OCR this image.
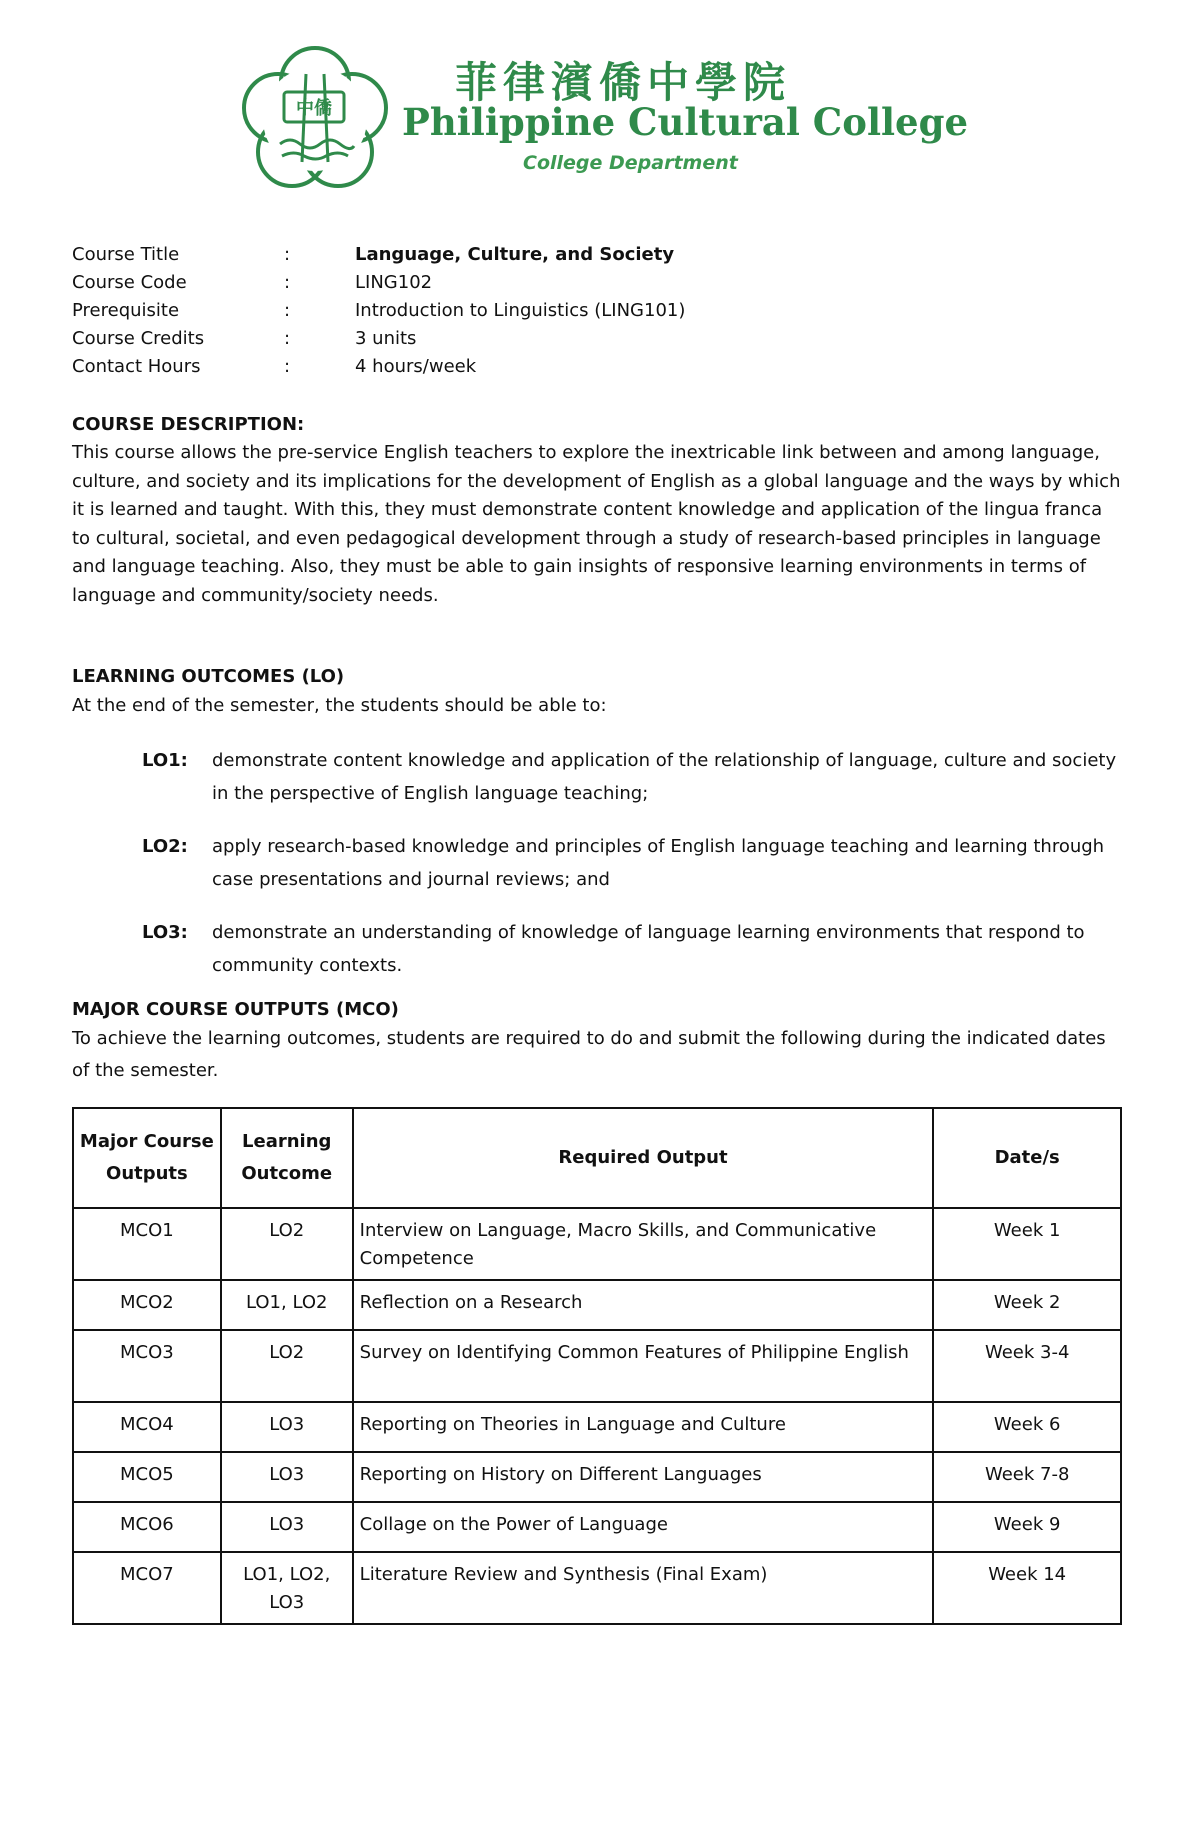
中僑
菲律濱僑中學院
Philippine Cultural College
College Department
Course Title	:	Language, Culture, and Society
Course Code	:	LING102
Prerequisite	:	Introduction to Linguistics (LING101)
Course Credits	:	3 units
Contact Hours	:	4 hours/week
COURSE DESCRIPTION:
This course allows the pre-service English teachers to explore the inextricable link between and among language, culture, and society and its implications for the development of English as a global language and the ways by which it is learned and taught. With this, they must demonstrate content knowledge and application of the lingua franca to cultural, societal, and even pedagogical development through a study of research-based principles in language and language teaching. Also, they must be able to gain insights of responsive learning environments in terms of language and community/society needs.
LEARNING OUTCOMES (LO)
At the end of the semester, the students should be able to:
LO1: demonstrate content knowledge and application of the relationship of language, culture and society in the perspective of English language teaching;
LO2: apply research-based knowledge and principles of English language teaching and learning through case presentations and journal reviews; and
LO3: demonstrate an understanding of knowledge of language learning environments that respond to community contexts.
MAJOR COURSE OUTPUTS (MCO)
To achieve the learning outcomes, students are required to do and submit the following during the indicated dates of the semester.
Major Course Outputs	Learning Outcome	Required Output	Date/s
MCO1	LO2	Interview on Language, Macro Skills, and Communicative Competence	Week 1
MCO2	LO1, LO2	Reflection on a Research	Week 2
MCO3	LO2	Survey on Identifying Common Features of Philippine English	Week 3-4
MCO4	LO3	Reporting on Theories in Language and Culture	Week 6
MCO5	LO3	Reporting on History on Different Languages	Week 7-8
MCO6	LO3	Collage on the Power of Language	Week 9
MCO7	LO1, LO2, LO3	Literature Review and Synthesis (Final Exam)	Week 14
